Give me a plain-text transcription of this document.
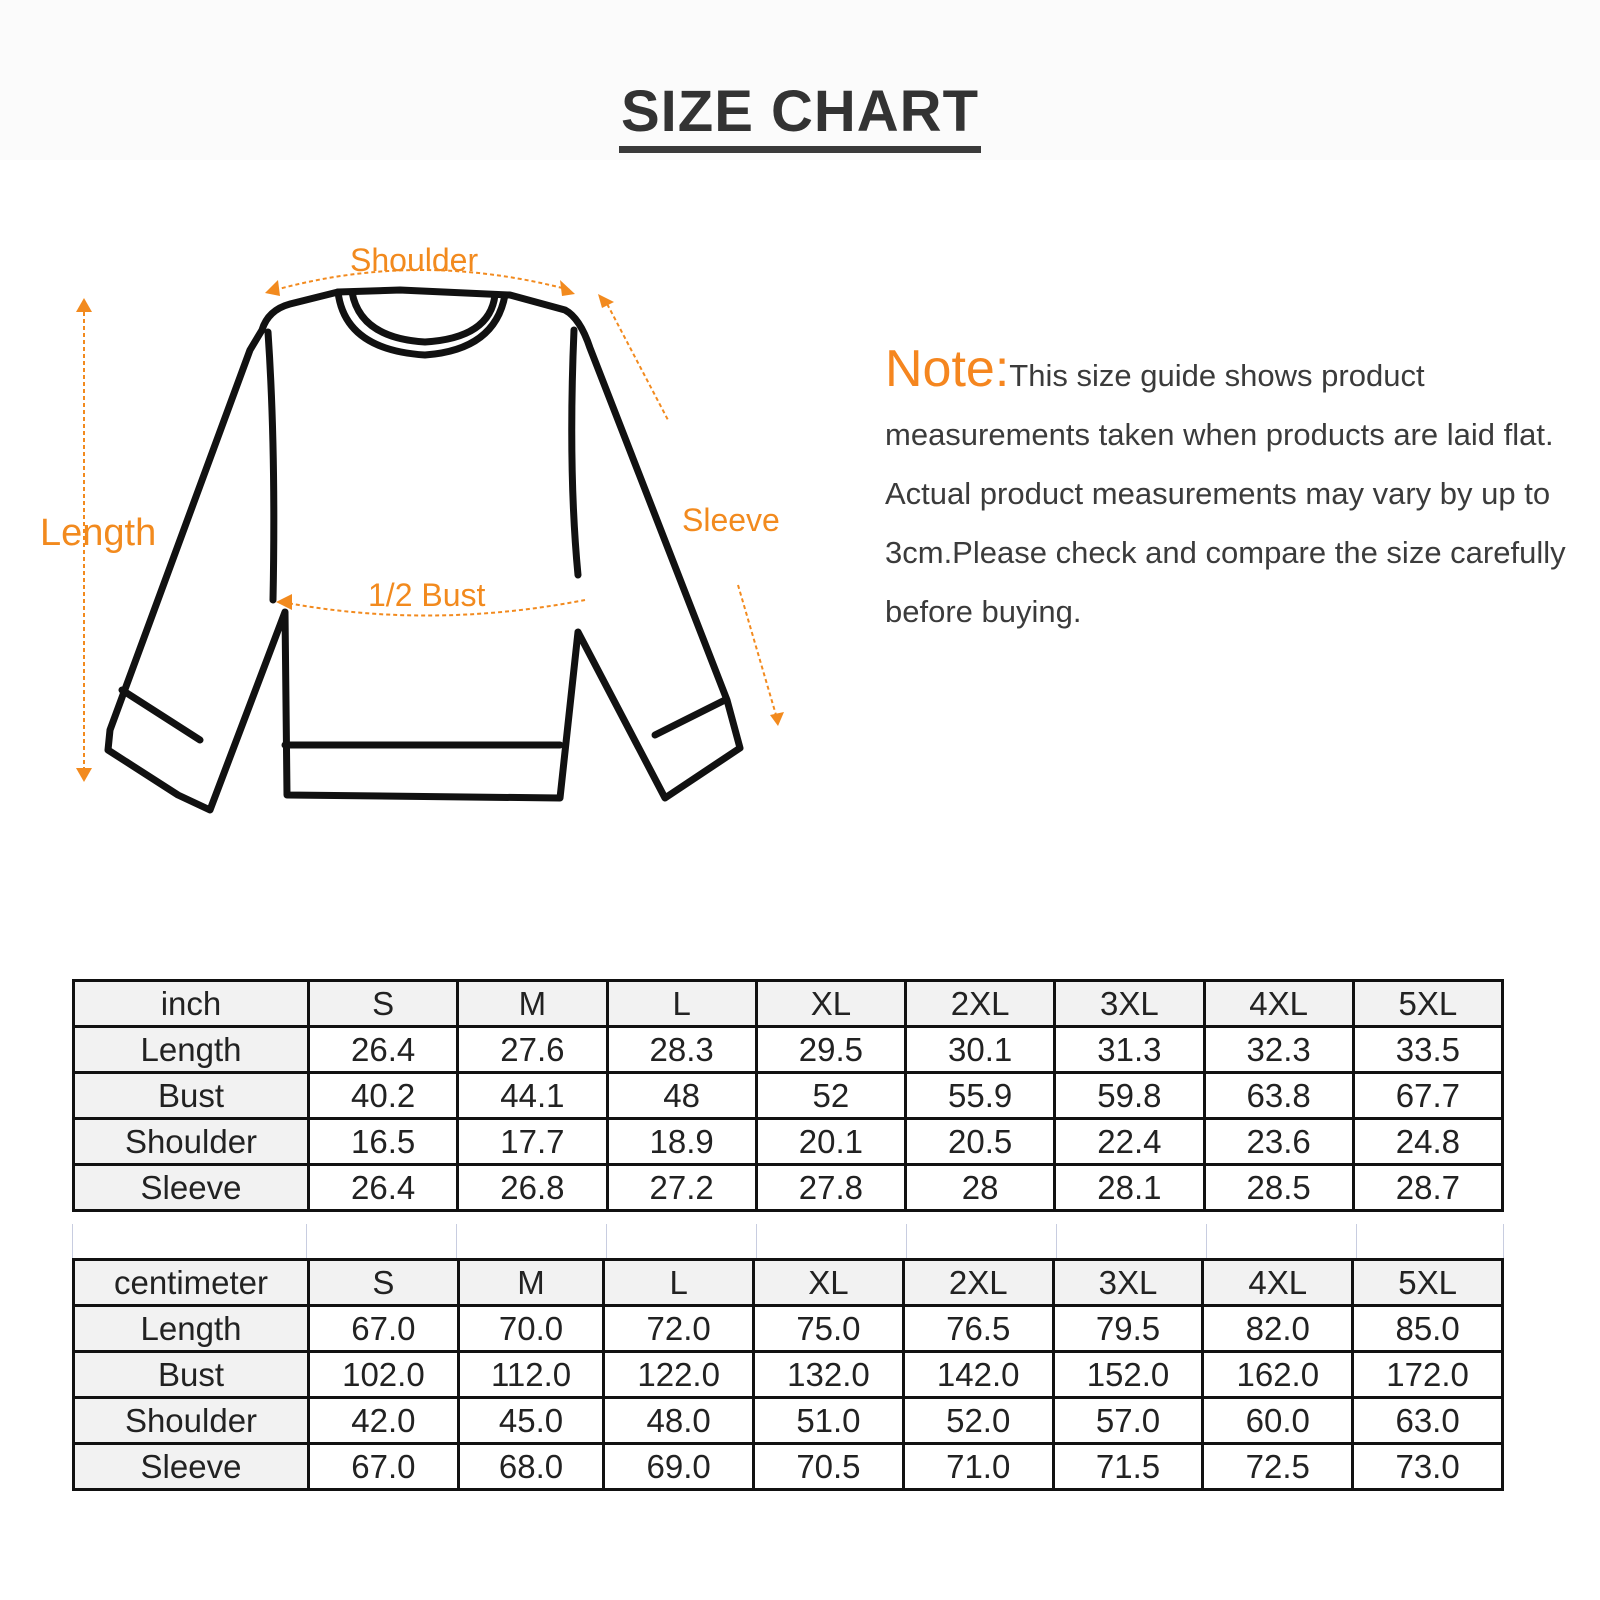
SIZE CHART
Shoulder
Length	Sleeve
1/2 Bust
Note:This size guide shows product measurements taken when products are laid flat. Actual product measurements may vary by up to 3cm.Please check and compare the size carefully before buying.
inch	S	M	L	XL	2XL	3XL	4XL	5XL
Length	26.4	27.6	28.3	29.5	30.1	31.3	32.3	33.5
Bust	40.2	44.1	48	52	55.9	59.8	63.8	67.7
Shoulder	16.5	17.7	18.9	20.1	20.5	22.4	23.6	24.8
Sleeve	26.4	26.8	27.2	27.8	28	28.1	28.5	28.7
centimeter	S	M	L	XL	2XL	3XL	4XL	5XL
Length	67.0	70.0	72.0	75.0	76.5	79.5	82.0	85.0
Bust	102.0	112.0	122.0	132.0	142.0	152.0	162.0	172.0
Shoulder	42.0	45.0	48.0	51.0	52.0	57.0	60.0	63.0
Sleeve	67.0	68.0	69.0	70.5	71.0	71.5	72.5	73.0
